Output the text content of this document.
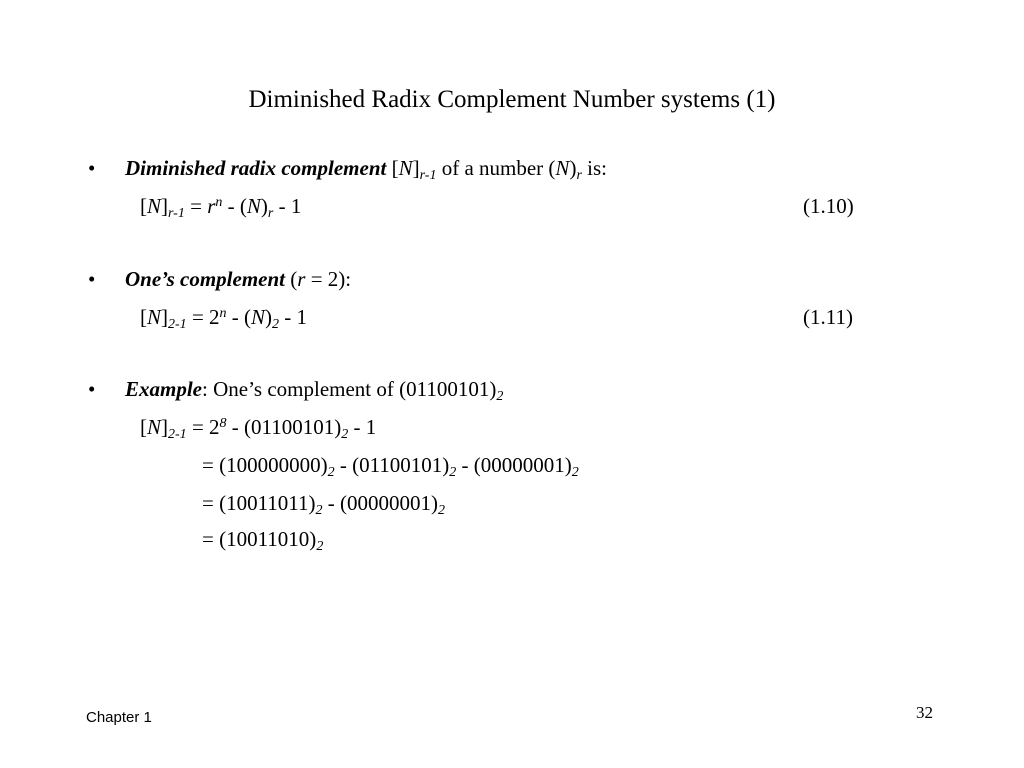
Diminished Radix Complement Number systems (1)
• Diminished radix complement $[N]_{r-1}$ of a number $(N)_r$ is:
$[N]_{r-1} = r^n - (N)_r - 1$	(1.10)
• One’s complement (r = 2):
$[N]_{2-1} = 2^n - (N)_2 - 1$	(1.11)
• Example: One’s complement of $(01100101)_2$
$[N]_{2-1} = 2^8 - (01100101)_2 - 1$
= $(100000000)_2 - (01100101)_2 - (00000001)_2$
= $(10011011)_2 - (00000001)_2$
= $(10011010)_2$
Chapter 1	32
